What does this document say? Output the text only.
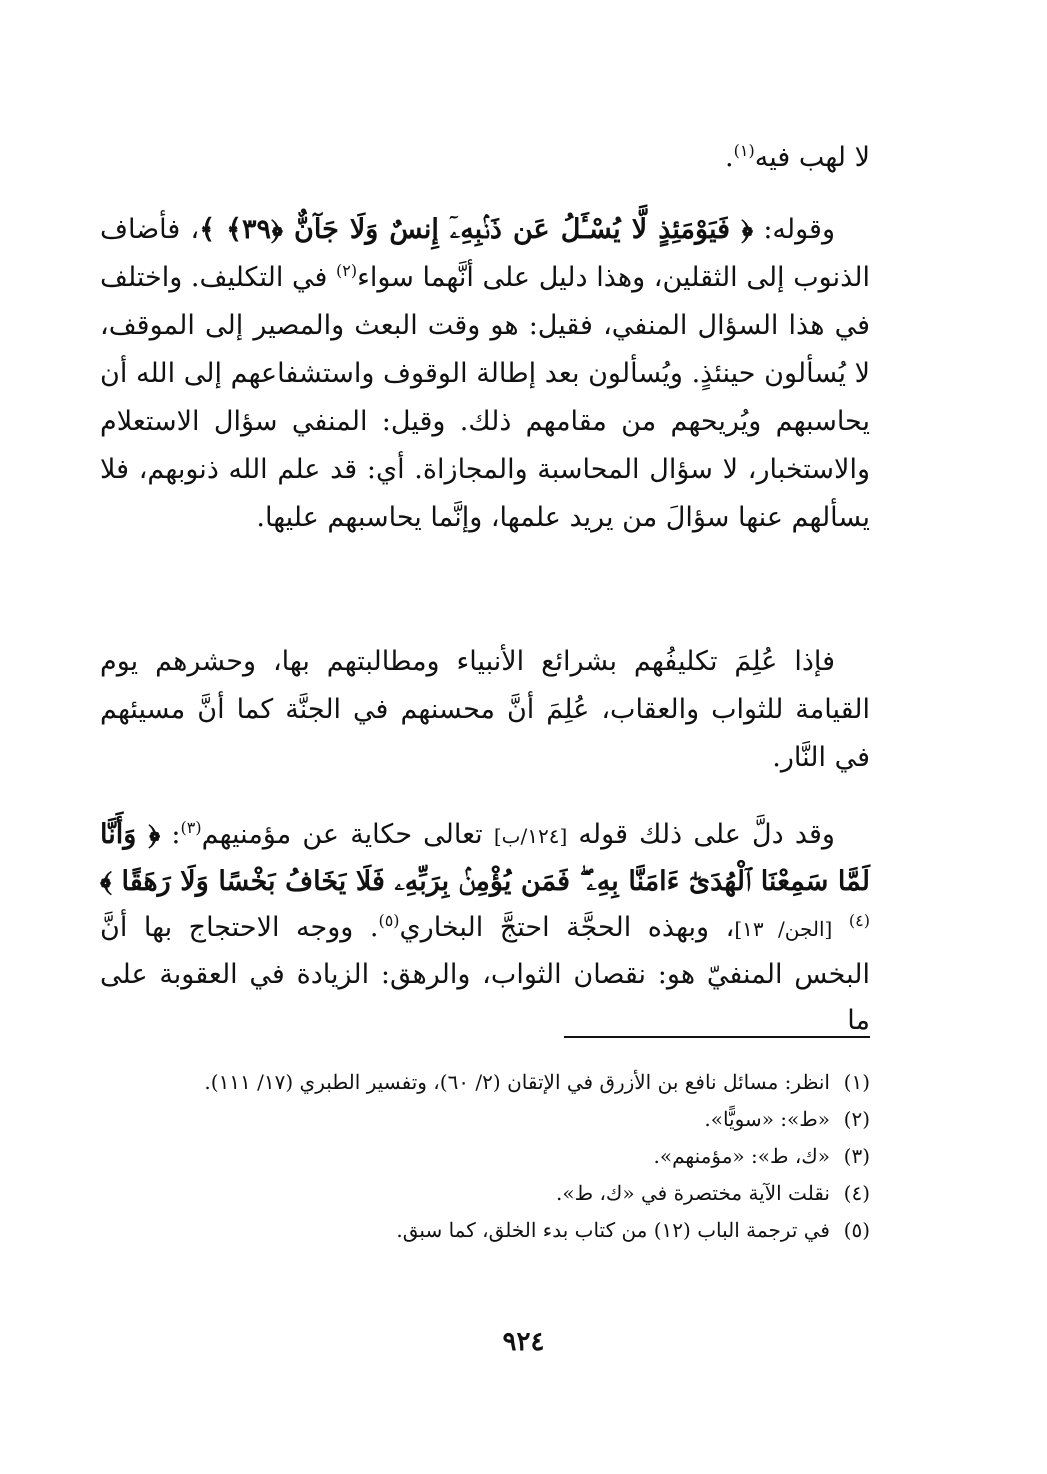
لا لهب فيه$^{(١)}$.
وقوله: ﴿ فَيَوْمَئِذٍ لَّا يُسْـَٔلُ عَن ذَنۢبِهِۦٓ إِنسٌ وَلَا جَآنٌّ ﴿٣٩﴾ ﴾، فأضاف الذنوب إلى الثقلين، وهذا دليل على أنَّهما سواء$^{(٢)}$ في التكليف. واختلف في هذا السؤال المنفي، فقيل: هو وقت البعث والمصير إلى الموقف، لا يُسألون حينئذٍ. ويُسألون بعد إطالة الوقوف واستشفاعهم إلى الله أن يحاسبهم ويُريحهم من مقامهم ذلك. وقيل: المنفي سؤال الاستعلام والاستخبار، لا سؤال المحاسبة والمجازاة. أي: قد علم الله ذنوبهم، فلا يسألهم عنها سؤالَ من يريد علمها، وإنَّما يحاسبهم عليها.
فإذا عُلِمَ تكليفُهم بشرائع الأنبياء ومطالبتهم بها، وحشرهم يوم القيامة للثواب والعقاب، عُلِمَ أنَّ محسنهم في الجنَّة كما أنَّ مسيئهم في النَّار.
وقد دلَّ على ذلك قوله [١٢٤/ب] تعالى حكاية عن مؤمنيهم$^{(٣)}$: ﴿ وَأَنَّا لَمَّا سَمِعْنَا ٱلْهُدَىٰٓ ءَامَنَّا بِهِۦ ۖ فَمَن يُؤْمِنۢ بِرَبِّهِۦ فَلَا يَخَافُ بَخْسًا وَلَا رَهَقًا ﴾$^{(٤)}$ [الجن/ ١٣]، وبهذه الحجَّة احتجَّ البخاري$^{(٥)}$. ووجه الاحتجاج بها أنَّ البخس المنفيّ هو: نقصان الثواب، والرهق: الزيادة في العقوبة على ما
(١)
انظر: مسائل نافع بن الأزرق في الإتقان (٢/ ٦٠)، وتفسير الطبري (١٧/ ١١١).
(٢)
«ط»: «سويًّا».
(٣)
«ك، ط»: «مؤمنهم».
(٤)
نقلت الآية مختصرة في «ك، ط».
(٥)
في ترجمة الباب (١٢) من كتاب بدء الخلق، كما سبق.
٩٢٤
